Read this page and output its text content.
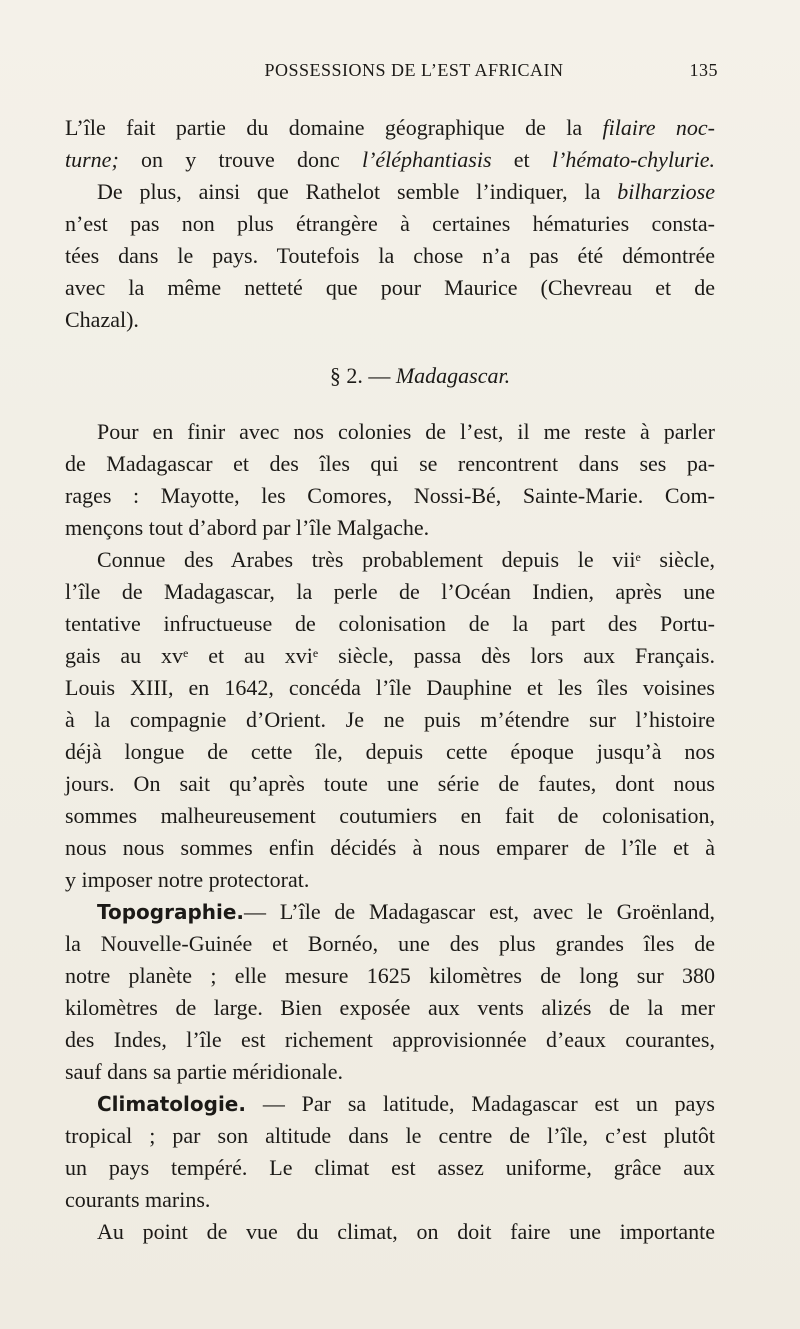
POSSESSIONS DE L’EST AFRICAIN	135
L’île fait partie du domaine géographique de la filaire noc-
turne; on y trouve donc l’éléphantiasis et l’hémato-chylurie.
De plus, ainsi que Rathelot semble l’indiquer, la bilharziose
n’est pas non plus étrangère à certaines hématuries consta-
tées dans le pays. Toutefois la chose n’a pas été démontrée
avec la même netteté que pour Maurice (Chevreau et de
Chazal).
§ 2. — Madagascar.
Pour en finir avec nos colonies de l’est, il me reste à parler
de Madagascar et des îles qui se rencontrent dans ses pa-
rages : Mayotte, les Comores, Nossi-Bé, Sainte-Marie. Com-
mençons tout d’abord par l’île Malgache.
Connue des Arabes très probablement depuis le vii$^e$ siècle,
l’île de Madagascar, la perle de l’Océan Indien, après une
tentative infructueuse de colonisation de la part des Portu-
gais au $xv^e$ et au xvi$^e$ siècle, passa dès lors aux Français.
Louis XIII, en 1642, concéda l’île Dauphine et les îles voisines
à la compagnie d’Orient. Je ne puis m’étendre sur l’histoire
déjà longue de cette île, depuis cette époque jusqu’à nos
jours. On sait qu’après toute une série de fautes, dont nous
sommes malheureusement coutumiers en fait de colonisation,
nous nous sommes enfin décidés à nous emparer de l’île et à
y imposer notre protectorat.
Topographie.— L’île de Madagascar est, avec le Groënland,
la Nouvelle-Guinée et Bornéo, une des plus grandes îles de
notre planète ; elle mesure 1625 kilomètres de long sur 380
kilomètres de large. Bien exposée aux vents alizés de la mer
des Indes, l’île est richement approvisionnée d’eaux courantes,
sauf dans sa partie méridionale.
Climatologie. — Par sa latitude, Madagascar est un pays
tropical ; par son altitude dans le centre de l’île, c’est plutôt
un pays tempéré. Le climat est assez uniforme, grâce aux
courants marins.
Au point de vue du climat, on doit faire une importante
